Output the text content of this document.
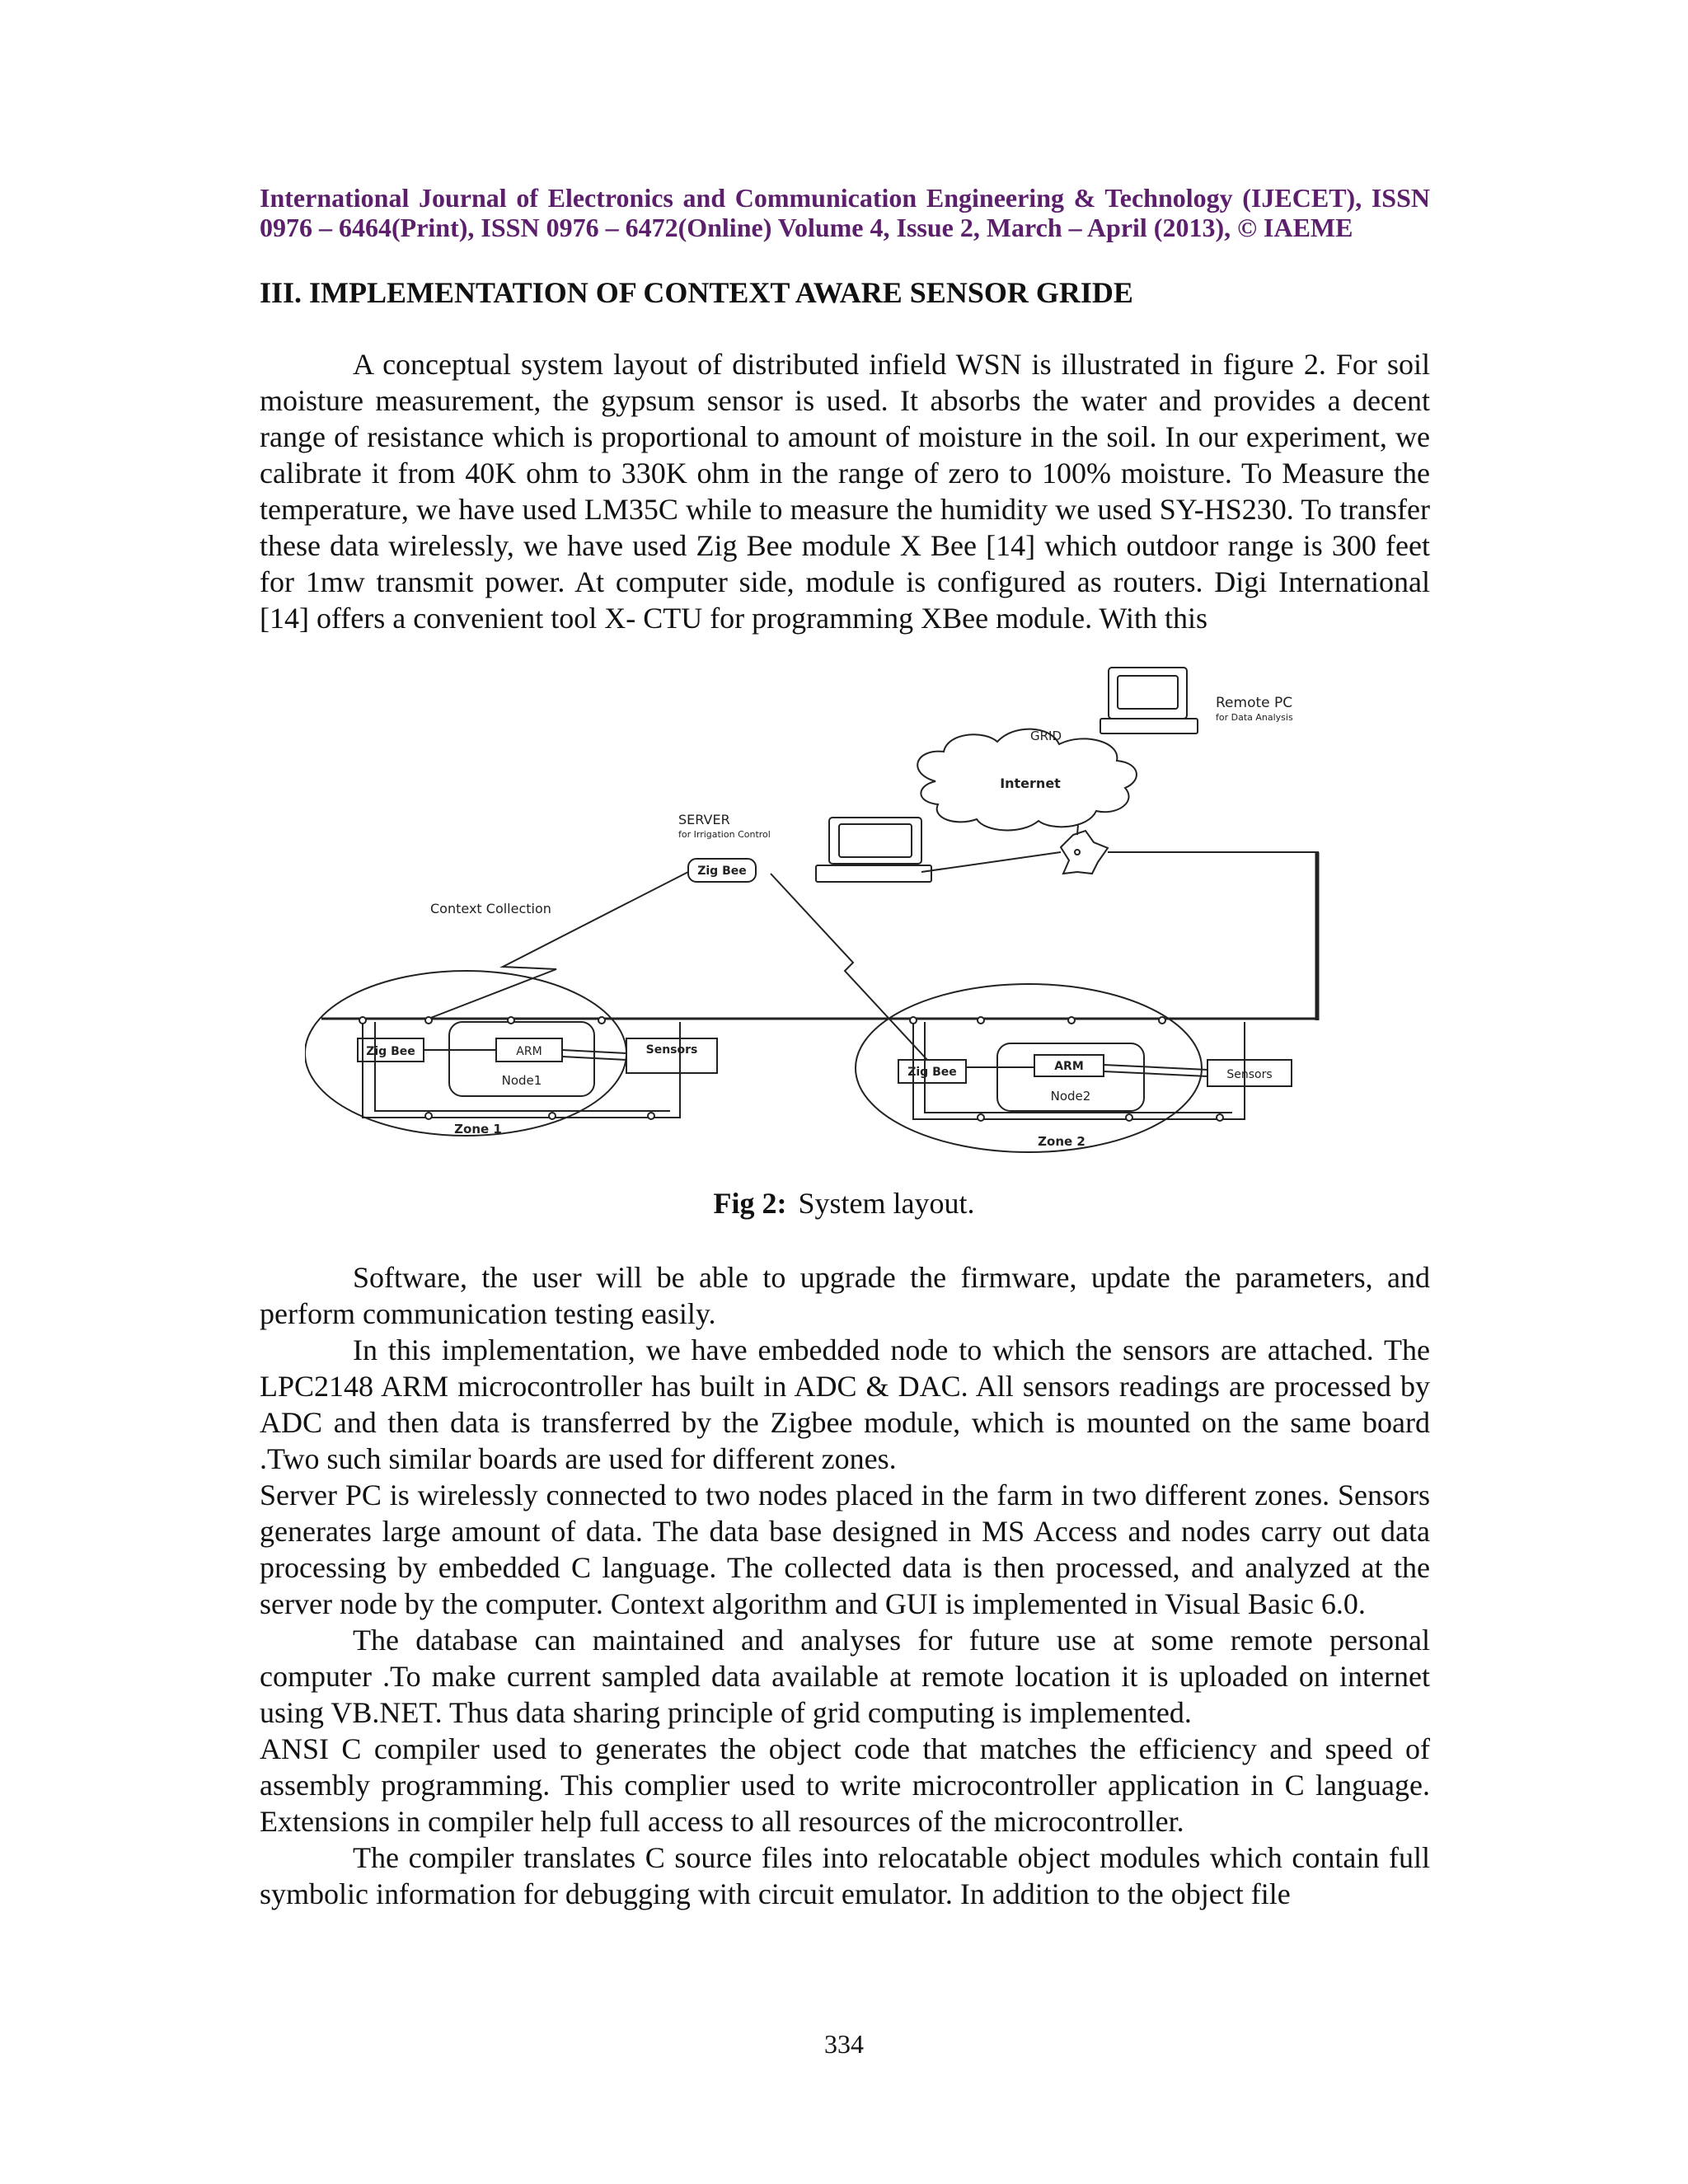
International Journal of Electronics and Communication Engineering & Technology (IJECET), ISSN
0976 – 6464(Print), ISSN 0976 – 6472(Online) Volume 4, Issue 2, March – April (2013), © IAEME
III. IMPLEMENTATION OF CONTEXT AWARE SENSOR GRIDE

A conceptual system layout of distributed infield WSN is illustrated in figure 2. For soil moisture measurement, the gypsum sensor is used. It absorbs the water and provides a decent range of resistance which is proportional to amount of moisture in the soil. In our experiment, we calibrate it from 40K ohm to 330K ohm in the range of zero to 100% moisture. To Measure the temperature, we have used LM35C while to measure the humidity we used SY-HS230. To transfer these data wirelessly, we have used Zig Bee module X Bee [14] which outdoor range is 300 feet for 1mw transmit power. At computer side, module is configured as routers. Digi International [14] offers a convenient tool X- CTU for programming XBee module. With this

Remote PC
for Data Analysis
GRID
Internet
SERVER
for Irrigation Control
Zig Bee
Context Collection
Zig Bee	ARM
Node1
Sensors
Zone 1
Zig Bee	ARM
Node2
Sensors
Zone 2
Fig 2: System layout.

Software, the user will be able to upgrade the firmware, update the parameters, and perform communication testing easily.

In this implementation, we have embedded node to which the sensors are attached. The LPC2148 ARM microcontroller has built in ADC & DAC. All sensors readings are processed by ADC and then data is transferred by the Zigbee module, which is mounted on the same board .Two such similar boards are used for different zones.

Server PC is wirelessly connected to two nodes placed in the farm in two different zones. Sensors generates large amount of data. The data base designed in MS Access and nodes carry out data processing by embedded C language. The collected data is then processed, and analyzed at the server node by the computer. Context algorithm and GUI is implemented in Visual Basic 6.0.

The database can maintained and analyses for future use at some remote personal computer .To make current sampled data available at remote location it is uploaded on internet using VB.NET. Thus data sharing principle of grid computing is implemented.

ANSI C compiler used to generates the object code that matches the efficiency and speed of assembly programming. This complier used to write microcontroller application in C language. Extensions in compiler help full access to all resources of the microcontroller.

The compiler translates C source files into relocatable object modules which contain full symbolic information for debugging with circuit emulator. In addition to the object file

334
